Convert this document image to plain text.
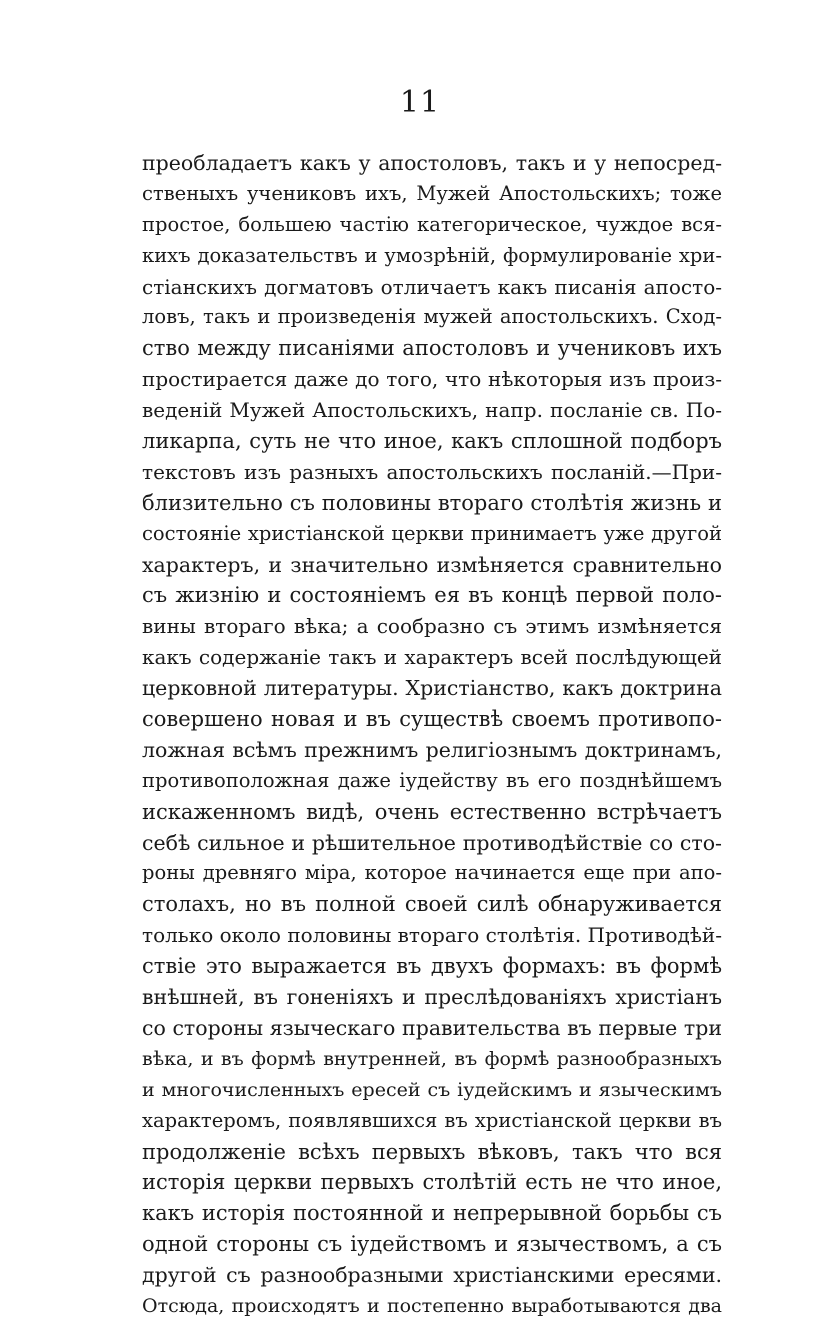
11
преобладаетъ какъ у апостоловъ, такъ и у непосред-
ственыхъ учениковъ ихъ, Мужей Апостольскихъ; тоже
простое, большею частію категорическое, чуждое вся-
кихъ доказательствъ и умозрѣній, формулированіе хри-
стіанскихъ догматовъ отличаетъ какъ писанія апосто-
ловъ, такъ и произведенія мужей апостольскихъ. Сход-
ство между писаніями апостоловъ и учениковъ ихъ
простирается даже до того, что нѣкоторыя изъ произ-
веденій Мужей Апостольскихъ, напр. посланіе св. По-
ликарпа, суть не что иное, какъ сплошной подборъ
текстовъ изъ разныхъ апостольскихъ посланій.—При-
близительно съ половины втораго столѣтія жизнь и
состояніе христіанской церкви принимаетъ уже другой
характеръ, и значительно измѣняется сравнительно
съ жизнію и состояніемъ ея въ концѣ первой поло-
вины втораго вѣка; а сообразно съ этимъ измѣняется
какъ содержаніе такъ и характеръ всей послѣдующей
церковной литературы. Христіанство, какъ доктрина
совершено новая и въ существѣ своемъ противопо-
ложная всѣмъ прежнимъ религіознымъ доктринамъ,
противоположная даже іудейству въ его позднѣйшемъ
искаженномъ видѣ, очень естественно встрѣчаетъ
себѣ сильное и рѣшительное противодѣйствіе со сто-
роны древняго міра, которое начинается еще при апо-
столахъ, но въ полной своей силѣ обнаруживается
только около половины втораго столѣтія. Противодѣй-
ствіе это выражается въ двухъ формахъ: въ формѣ
внѣшней, въ гоненіяхъ и преслѣдованіяхъ христіанъ
со стороны языческаго правительства въ первые три
вѣка, и въ формѣ внутренней, въ формѣ разнообразныхъ
и многочисленныхъ ересей съ іудейскимъ и языческимъ
характеромъ, появлявшихся въ христіанской церкви въ
продолженіе всѣхъ первыхъ вѣковъ, такъ что вся
исторія церкви первыхъ столѣтій есть не что иное,
какъ исторія постоянной и непрерывной борьбы съ
одной стороны съ іудействомъ и язычествомъ, а съ
другой съ разнообразными христіанскими ересями.
Отсюда, происходятъ и постепенно выработываются два
